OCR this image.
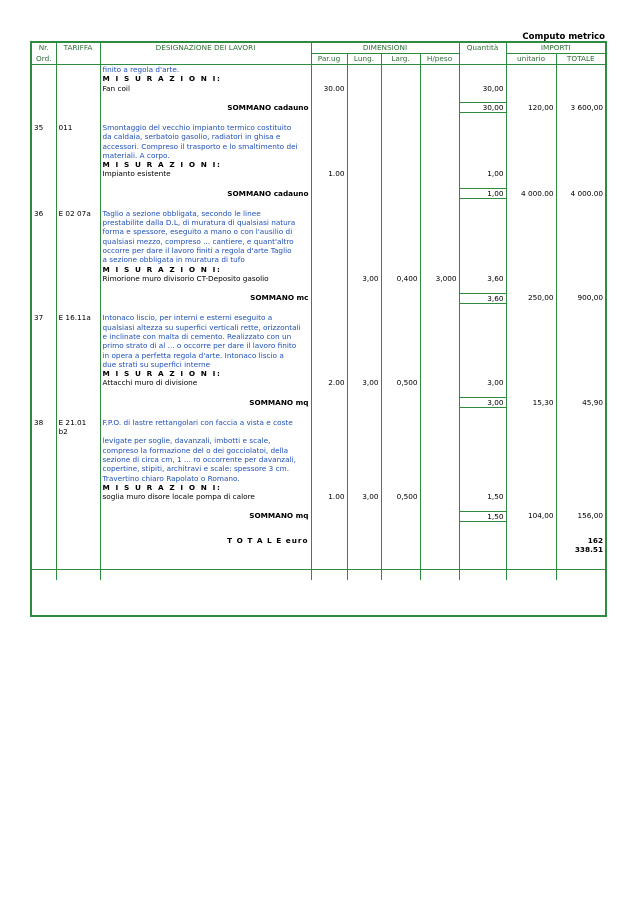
Computo metrico
Nr.	TARIFFA	DESIGNAZIONE DEI LAVORI	DIMENSIONI				Quantità	IMPORTI	
Ord.			Par.ug	Lung.	Larg.	H/peso		unitario	TOTALE
		finito a regola d'arte.							
		M I S U R A Z I O N I:							
		Fan coil	30.00				30,00		

		SOMMANO cadauno					30,00	120,00	3 600,00

35	011	Smontaggio del vecchio impianto termico costituito							
		da caldaia, serbatoio gasolio, radiatori in ghisa e							
		accessori. Compreso il trasporto e lo smaltimento dei							
		materiali. A corpo.							
		M I S U R A Z I O N I:							
		Impianto esistente	1.00				1,00		

		SOMMANO cadauno					1,00	4 000.00	4 000.00

36	E 02 07a	Taglio a sezione obbligata, secondo le linee							
		prestabilite dalla D.L, di muratura di qualsiasi natura							
		forma e spessore, eseguito a mano o con l'ausilio di							
		qualsiasi mezzo, compreso ... cantiere, e quant'altro							
		occorre per dare il lavoro finiti a regola d'arte Taglio							
		a sezione obbligata in muratura di tufo							
		M I S U R A Z I O N I:							
		Rimorione muro divisorio CT-Deposito gasolio		3,00	0,400	3,000	3,60		

		SOMMANO mc					3,60	250,00	900,00

37	E 16.11a	Intonaco liscio, per interni e esterni eseguito a							
		qualsiasi altezza su superfici verticali rette, orizzontali							
		e inclinate con malta di cemento. Realizzato con un							
		primo strato di al ... o occorre per dare il lavoro finito							
		in opera a perfetta regola d'arte. Intonaco liscio a							
		due strati su superfici interne							
		M I S U R A Z I O N I:							
		Attacchi muro di divisione	2.00	3,00	0,500		3,00		

		SOMMANO mq					3,00	15,30	45,90

38	E 21.01 b2	F.P.O. di lastre rettangolari con faccia a vista e coste							
		levigate per soglie, davanzali, imbotti e scale,							
		compreso la formazione del o dei gocciolatoi, della							
		sezione di circa cm, 1 ... ro occorrente per davanzali,							
		copertine, stipiti, architravi e scale: spessore 3 cm.							
		Travertino chiaro Rapolato o Romano.							
		M I S U R A Z I O N I:							
		soglia muro disore locale pompa di calore	1.00	3,00	0,500		1,50		

		SOMMANO mq					1,50	104,00	156,00

		T O T A L E euro							162 338.51
